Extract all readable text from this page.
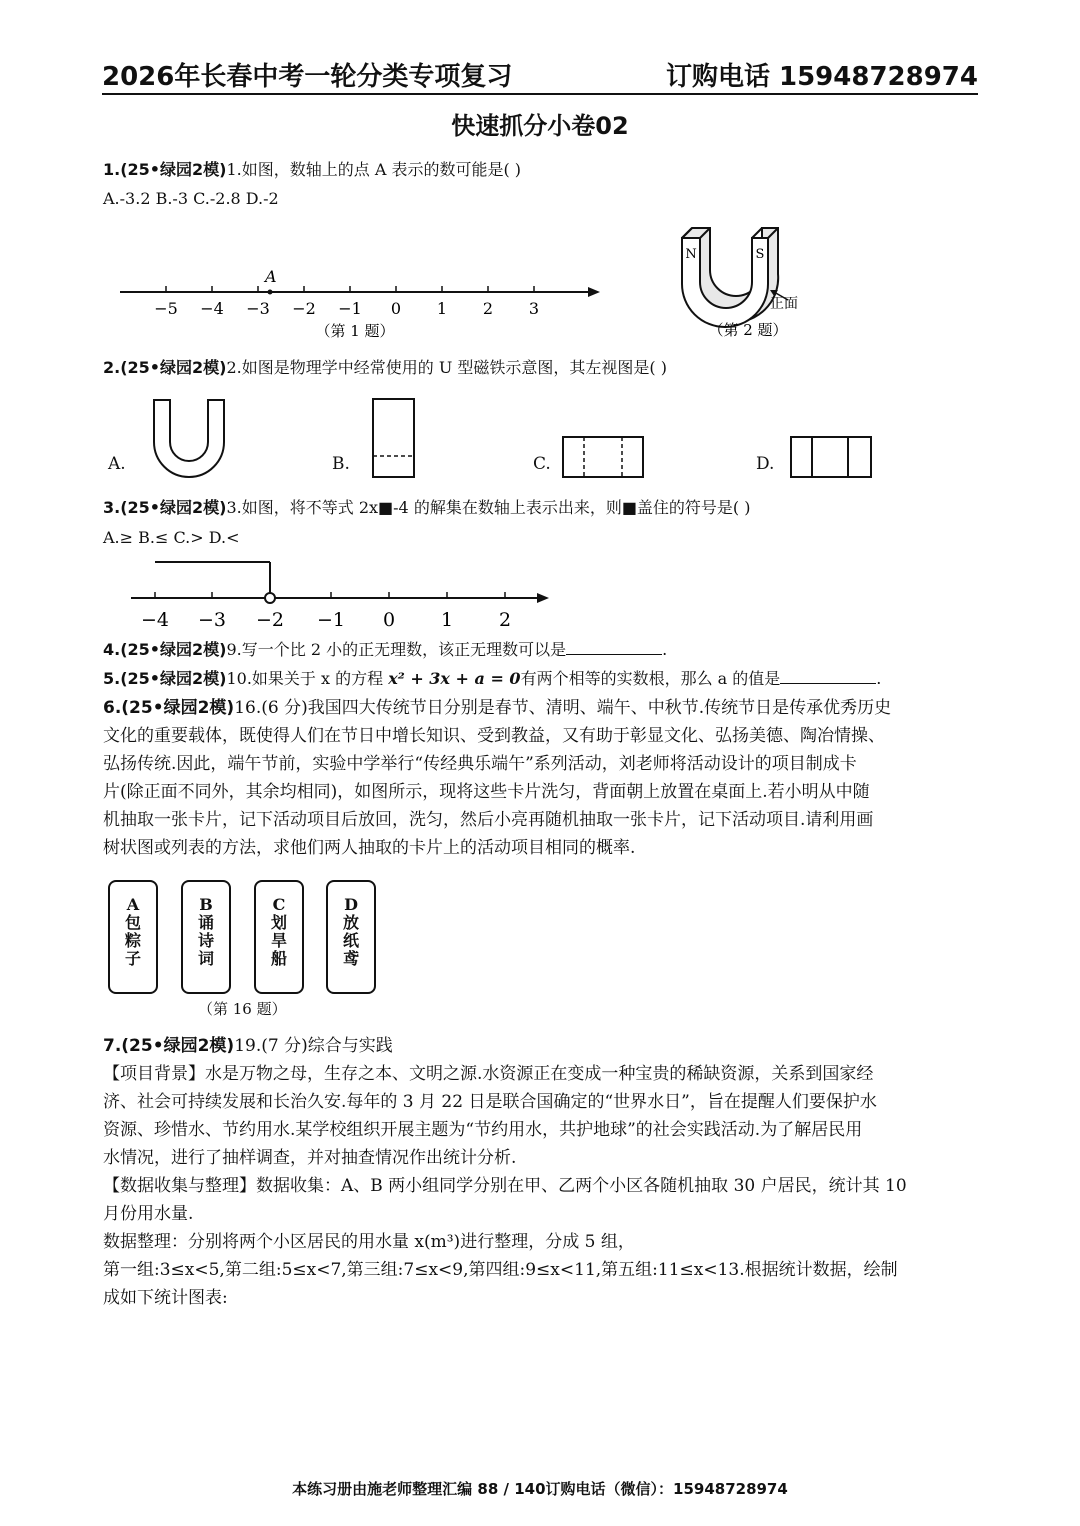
2026年长春中考一轮分类专项复习	订购电话 15948728974
快速抓分小卷02
1.(25•绿园2模)1.如图，数轴上的点 A 表示的数可能是( )
A.-3.2 B.-3 C.-2.8 D.-2
A
−5 −4 −3 −2 −1 0 1 2 3
（第 1 题）
N	S
正面
（第 2 题）
2.(25•绿园2模)2.如图是物理学中经常使用的 U 型磁铁示意图，其左视图是( )
A.	B.	C.	D.
3.(25•绿园2模)3.如图，将不等式 2x■-4 的解集在数轴上表示出来，则■盖住的符号是( )
A.≥ B.≤ C.> D.<
−4 −3 −2 −1 0 1 2
4.(25•绿园2模)9.写一个比 2 小的正无理数，该正无理数可以是	.
5.(25•绿园2模)10.如果关于 x 的方程 x² + 3x + a = 0有两个相等的实数根，那么 a 的值是	.
6.(25•绿园2模)16.(6 分)我国四大传统节日分别是春节、清明、端午、中秋节.传统节日是传承优秀历史
文化的重要载体，既使得人们在节日中增长知识、受到教益，又有助于彰显文化、弘扬美德、陶冶情操、
弘扬传统.因此，端午节前，实验中学举行“传经典乐端午”系列活动，刘老师将活动设计的项目制成卡
片(除正面不同外，其余均相同)，如图所示，现将这些卡片洗匀，背面朝上放置在桌面上.若小明从中随
机抽取一张卡片，记下活动项目后放回，洗匀，然后小亮再随机抽取一张卡片，记下活动项目.请利用画
树状图或列表的方法，求他们两人抽取的卡片上的活动项目相同的概率.
A
包
粽
子
B
诵
诗
词
C
划
旱
船
D
放
纸
鸢
（第 16 题）
7.(25•绿园2模)19.(7 分)综合与实践
【项目背景】水是万物之母，生存之本、文明之源.水资源正在变成一种宝贵的稀缺资源，关系到国家经
济、社会可持续发展和长治久安.每年的 3 月 22 日是联合国确定的“世界水日”，旨在提醒人们要保护水
资源、珍惜水、节约用水.某学校组织开展主题为“节约用水，共护地球”的社会实践活动.为了解居民用
水情况，进行了抽样调查，并对抽查情况作出统计分析.
【数据收集与整理】数据收集：A、B 两小组同学分别在甲、乙两个小区各随机抽取 30 户居民，统计其 10
月份用水量.
数据整理：分别将两个小区居民的用水量 x(m³)进行整理，分成 5 组，
第一组:3≤x<5,第二组:5≤x<7,第三组:7≤x<9,第四组:9≤x<11,第五组:11≤x<13.根据统计数据，绘制
成如下统计图表:
本练习册由施老师整理汇编 88 / 140订购电话（微信）：15948728974
